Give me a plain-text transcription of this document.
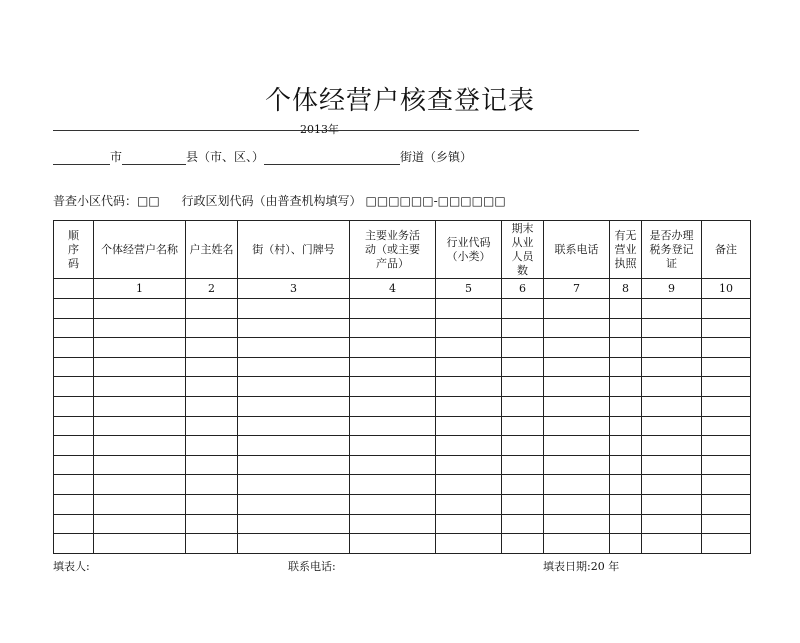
个体经营户核查登记表
2013年
市	县（市、区、）	街道（乡镇）
普查小区代码：□□ 行政区划代码（由普查机构填写） □□□□□□-□□□□□□
顺序码	个体经营户名称	户主姓名	街（村）、门牌号	主要业务活动（或主要产品）	行业代码（小类）	期末从业人员数	联系电话	有无营业执照	是否办理税务登记证	备注
	1	2	3	4	5	6	7	8	9	10

填表人:	联系电话:	填表日期:20 年
